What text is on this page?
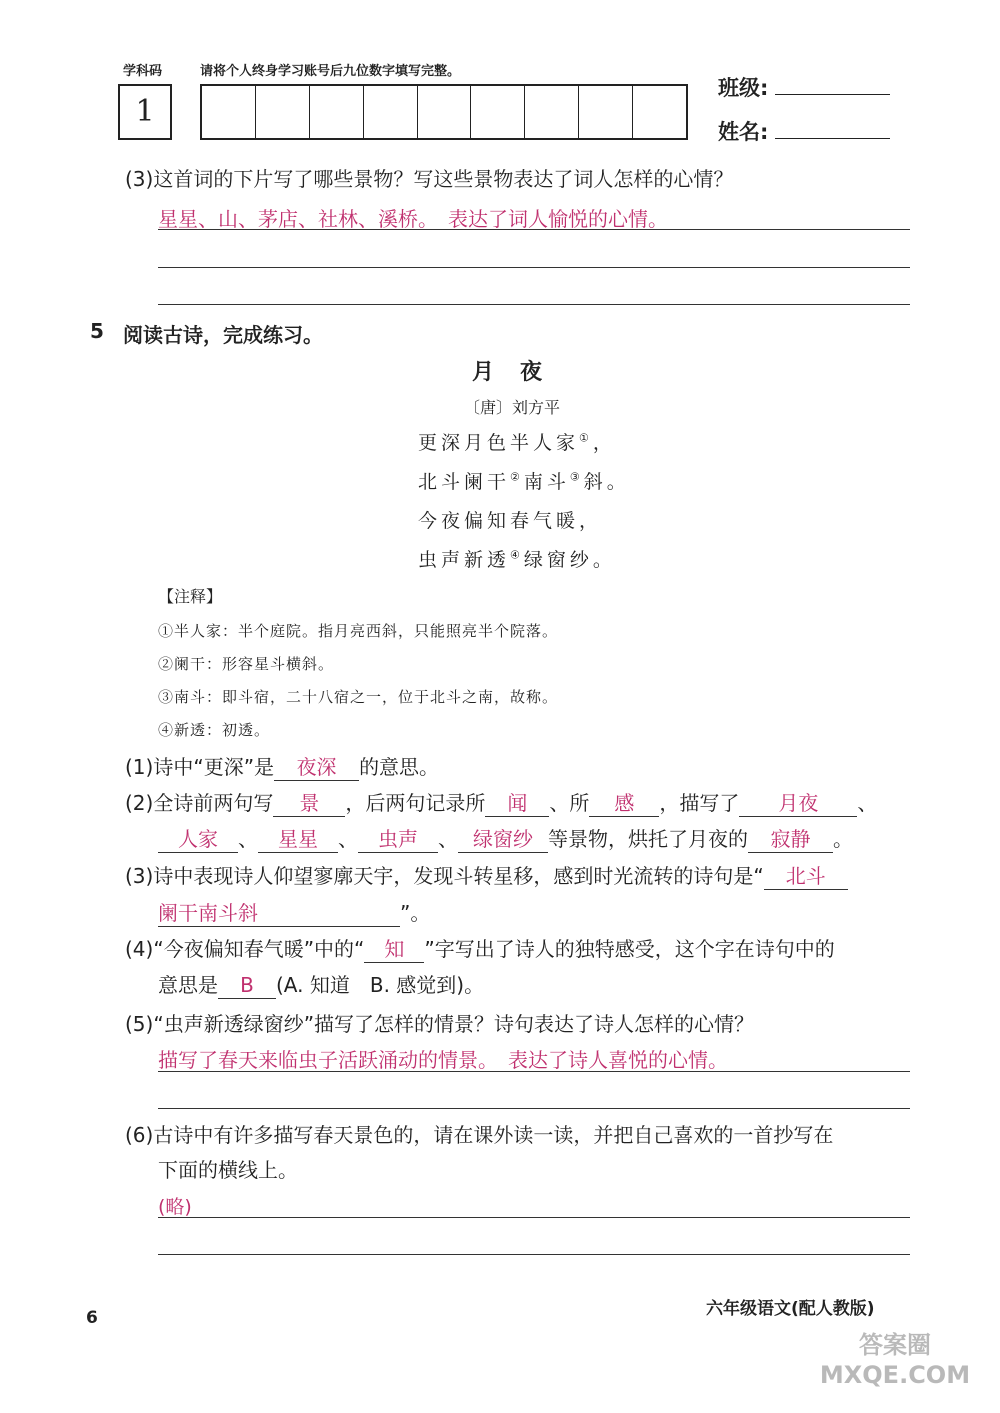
学科码	请将个人终身学习账号后九位数字填写完整。
1
班级:
姓名:
(3)这首词的下片写了哪些景物？写这些景物表达了词人怎样的心情？
星星、山、茅店、社林、溪桥。　表达了词人愉悦的心情。
5 阅读古诗，完成练习。
月　夜
〔唐〕刘方平
更深月色半人家①，
北斗阑干②南斗③斜。
今夜偏知春气暖，
虫声新透④绿窗纱。
【注释】
①半人家：半个庭院。指月亮西斜，只能照亮半个院落。
②阑干：形容星斗横斜。
③南斗：即斗宿，二十八宿之一，位于北斗之南，故称。
④新透：初透。
(1)诗中“更深”是 夜深 的意思。
(2)全诗前两句写 景 ，后两句记录所 闻 、所 感 ，描写了 月夜 、
人家 、 星星 、 虫声 、 绿窗纱 等景物，烘托了月夜的 寂静 。
(3)诗中表现诗人仰望寥廓天宇，发现斗转星移，感到时光流转的诗句是“ 北斗
阑干南斗斜	”。
(4)“今夜偏知春气暖”中的“ 知 ”字写出了诗人的独特感受，这个字在诗句中的
意思是 B (A. 知道　B. 感觉到)。
(5)“虫声新透绿窗纱”描写了怎样的情景？诗句表达了诗人怎样的心情？
描写了春天来临虫子活跃涌动的情景。　表达了诗人喜悦的心情。
(6)古诗中有许多描写春天景色的，请在课外读一读，并把自己喜欢的一首抄写在
下面的横线上。
(略)
6	六年级语文(配人教版)
答案圈 MXQE.COM
